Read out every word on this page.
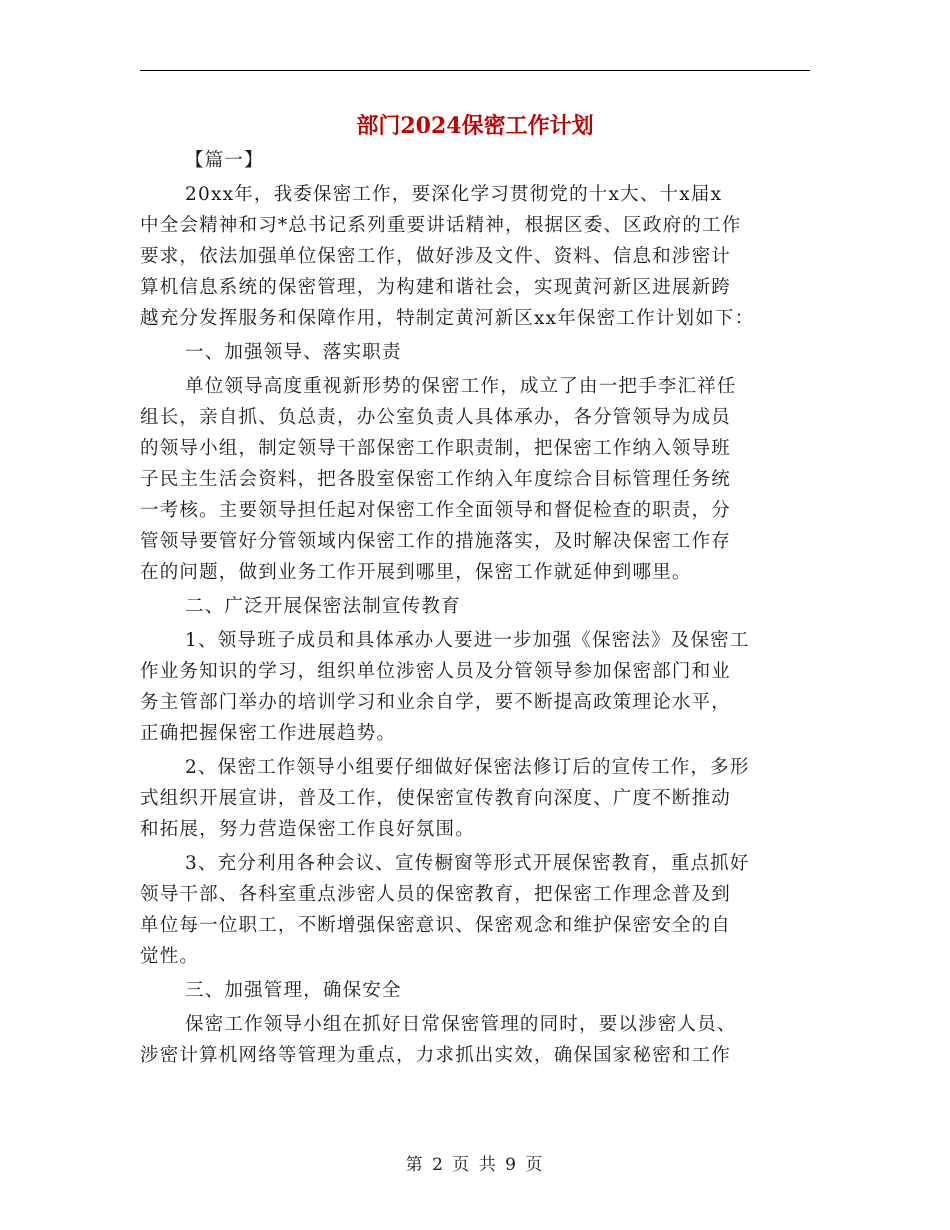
部门2024保密工作计划
【篇一】
20xx年，我委保密工作，要深化学习贯彻党的十x大、十x届x
中全会精神和习*总书记系列重要讲话精神，根据区委、区政府的工作
要求，依法加强单位保密工作，做好涉及文件、资料、信息和涉密计
算机信息系统的保密管理，为构建和谐社会，实现黄河新区进展新跨
越充分发挥服务和保障作用，特制定黄河新区xx年保密工作计划如下：
一、加强领导、落实职责
单位领导高度重视新形势的保密工作，成立了由一把手李汇祥任
组长，亲自抓、负总责，办公室负责人具体承办，各分管领导为成员
的领导小组，制定领导干部保密工作职责制，把保密工作纳入领导班
子民主生活会资料，把各股室保密工作纳入年度综合目标管理任务统
一考核。主要领导担任起对保密工作全面领导和督促检查的职责，分
管领导要管好分管领域内保密工作的措施落实，及时解决保密工作存
在的问题，做到业务工作开展到哪里，保密工作就延伸到哪里。
二、广泛开展保密法制宣传教育
1、领导班子成员和具体承办人要进一步加强《保密法》及保密工
作业务知识的学习，组织单位涉密人员及分管领导参加保密部门和业
务主管部门举办的培训学习和业余自学，要不断提高政策理论水平，
正确把握保密工作进展趋势。
2、保密工作领导小组要仔细做好保密法修订后的宣传工作，多形
式组织开展宣讲，普及工作，使保密宣传教育向深度、广度不断推动
和拓展，努力营造保密工作良好氛围。
3、充分利用各种会议、宣传橱窗等形式开展保密教育，重点抓好
领导干部、各科室重点涉密人员的保密教育，把保密工作理念普及到
单位每一位职工，不断增强保密意识、保密观念和维护保密安全的自
觉性。
三、加强管理，确保安全
保密工作领导小组在抓好日常保密管理的同时，要以涉密人员、
涉密计算机网络等管理为重点，力求抓出实效，确保国家秘密和工作
第 2 页 共 9 页
